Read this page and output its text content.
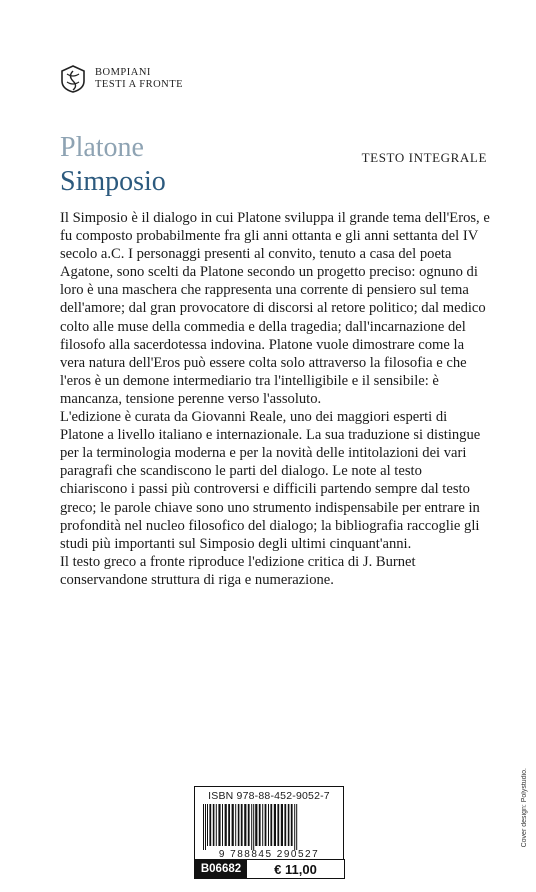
BOMPIANI
TESTI A FRONTE
Platone
Simposio
TESTO INTEGRALE

Il Simposio è il dialogo in cui Platone sviluppa il grande tema dell'Eros, e fu composto probabilmente fra gli anni ottanta e gli anni settanta del IV secolo a.C. I personaggi presenti al convito, tenuto a casa del poeta Agatone, sono scelti da Platone secondo un progetto preciso: ognuno di loro è una maschera che rappresenta una corrente di pensiero sul tema dell'amore; dal gran provocatore di discorsi al retore politico; dal medico colto alle muse della commedia e della tragedia; dall'incarnazione del filosofo alla sacerdotessa indovina. Platone vuole dimostrare come la vera natura dell'Eros può essere colta solo attraverso la filosofia e che l'eros è un demone intermediario tra l'intelligibile e il sensibile: è mancanza, tensione perenne verso l'assoluto.

L'edizione è curata da Giovanni Reale, uno dei maggiori esperti di Platone a livello italiano e internazionale. La sua traduzione si distingue per la terminologia moderna e per la novità delle intitolazioni dei vari paragrafi che scandiscono le parti del dialogo. Le note al testo chiariscono i passi più controversi e difficili partendo sempre dal testo greco; le parole chiave sono uno strumento indispensabile per entrare in profondità nel nucleo filosofico del dialogo; la bibliografia raccoglie gli studi più importanti sul Simposio degli ultimi cinquant'anni.

Il testo greco a fronte riproduce l'edizione critica di J. Burnet conservandone struttura di riga e numerazione.

Cover design: Polystudio.
ISBN 978-88-452-9052-7
9 788845 290527
B06682	€ 11,00
